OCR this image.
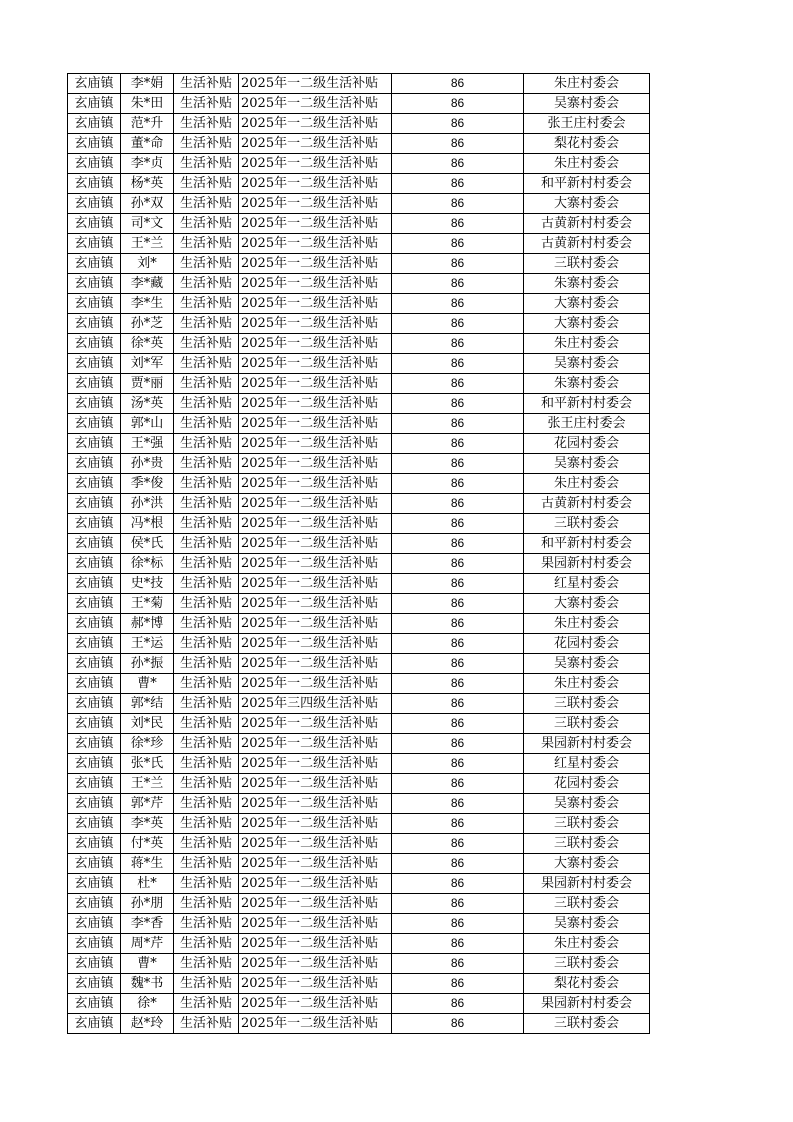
玄庙镇	李*娟	生活补贴	2025年一二级生活补贴	86	朱庄村委会
玄庙镇	朱*田	生活补贴	2025年一二级生活补贴	86	吴寨村委会
玄庙镇	范*升	生活补贴	2025年一二级生活补贴	86	张王庄村委会
玄庙镇	董*命	生活补贴	2025年一二级生活补贴	86	梨花村委会
玄庙镇	李*贞	生活补贴	2025年一二级生活补贴	86	朱庄村委会
玄庙镇	杨*英	生活补贴	2025年一二级生活补贴	86	和平新村村委会
玄庙镇	孙*双	生活补贴	2025年一二级生活补贴	86	大寨村委会
玄庙镇	司*文	生活补贴	2025年一二级生活补贴	86	古黄新村村委会
玄庙镇	王*兰	生活补贴	2025年一二级生活补贴	86	古黄新村村委会
玄庙镇	刘*	生活补贴	2025年一二级生活补贴	86	三联村委会
玄庙镇	李*藏	生活补贴	2025年一二级生活补贴	86	朱寨村委会
玄庙镇	李*生	生活补贴	2025年一二级生活补贴	86	大寨村委会
玄庙镇	孙*芝	生活补贴	2025年一二级生活补贴	86	大寨村委会
玄庙镇	徐*英	生活补贴	2025年一二级生活补贴	86	朱庄村委会
玄庙镇	刘*军	生活补贴	2025年一二级生活补贴	86	吴寨村委会
玄庙镇	贾*丽	生活补贴	2025年一二级生活补贴	86	朱寨村委会
玄庙镇	汤*英	生活补贴	2025年一二级生活补贴	86	和平新村村委会
玄庙镇	郭*山	生活补贴	2025年一二级生活补贴	86	张王庄村委会
玄庙镇	王*强	生活补贴	2025年一二级生活补贴	86	花园村委会
玄庙镇	孙*贵	生活补贴	2025年一二级生活补贴	86	吴寨村委会
玄庙镇	季*俊	生活补贴	2025年一二级生活补贴	86	朱庄村委会
玄庙镇	孙*洪	生活补贴	2025年一二级生活补贴	86	古黄新村村委会
玄庙镇	冯*根	生活补贴	2025年一二级生活补贴	86	三联村委会
玄庙镇	侯*氏	生活补贴	2025年一二级生活补贴	86	和平新村村委会
玄庙镇	徐*标	生活补贴	2025年一二级生活补贴	86	果园新村村委会
玄庙镇	史*技	生活补贴	2025年一二级生活补贴	86	红星村委会
玄庙镇	王*菊	生活补贴	2025年一二级生活补贴	86	大寨村委会
玄庙镇	郝*博	生活补贴	2025年一二级生活补贴	86	朱庄村委会
玄庙镇	王*运	生活补贴	2025年一二级生活补贴	86	花园村委会
玄庙镇	孙*振	生活补贴	2025年一二级生活补贴	86	吴寨村委会
玄庙镇	曹*	生活补贴	2025年一二级生活补贴	86	朱庄村委会
玄庙镇	郭*结	生活补贴	2025年三四级生活补贴	86	三联村委会
玄庙镇	刘*民	生活补贴	2025年一二级生活补贴	86	三联村委会
玄庙镇	徐*珍	生活补贴	2025年一二级生活补贴	86	果园新村村委会
玄庙镇	张*氏	生活补贴	2025年一二级生活补贴	86	红星村委会
玄庙镇	王*兰	生活补贴	2025年一二级生活补贴	86	花园村委会
玄庙镇	郭*芹	生活补贴	2025年一二级生活补贴	86	吴寨村委会
玄庙镇	李*英	生活补贴	2025年一二级生活补贴	86	三联村委会
玄庙镇	付*英	生活补贴	2025年一二级生活补贴	86	三联村委会
玄庙镇	蒋*生	生活补贴	2025年一二级生活补贴	86	大寨村委会
玄庙镇	杜*	生活补贴	2025年一二级生活补贴	86	果园新村村委会
玄庙镇	孙*朋	生活补贴	2025年一二级生活补贴	86	三联村委会
玄庙镇	李*香	生活补贴	2025年一二级生活补贴	86	吴寨村委会
玄庙镇	周*芹	生活补贴	2025年一二级生活补贴	86	朱庄村委会
玄庙镇	曹*	生活补贴	2025年一二级生活补贴	86	三联村委会
玄庙镇	魏*书	生活补贴	2025年一二级生活补贴	86	梨花村委会
玄庙镇	徐*	生活补贴	2025年一二级生活补贴	86	果园新村村委会
玄庙镇	赵*玲	生活补贴	2025年一二级生活补贴	86	三联村委会
